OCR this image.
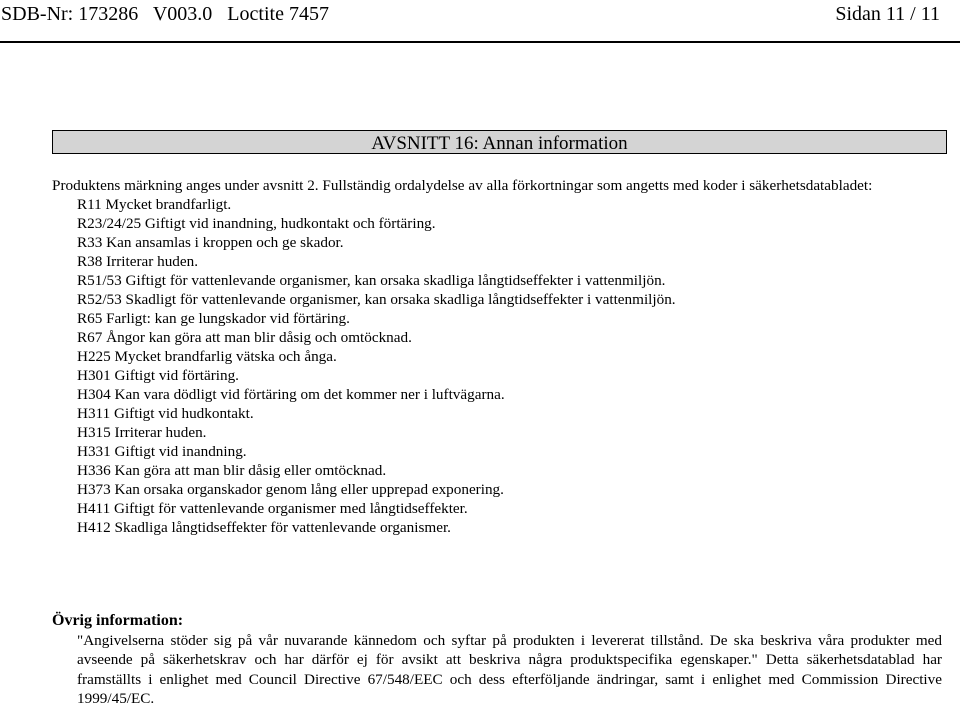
SDB-Nr: 173286   V003.0   Loctite 7457	Sidan 11 / 11
AVSNITT 16: Annan information

Produktens märkning anges under avsnitt 2. Fullständig ordalydelse av alla förkortningar som angetts med koder i säkerhetsdatabladet:

R11 Mycket brandfarligt.
R23/24/25 Giftigt vid inandning, hudkontakt och förtäring.
R33 Kan ansamlas i kroppen och ge skador.
R38 Irriterar huden.
R51/53 Giftigt för vattenlevande organismer, kan orsaka skadliga långtidseffekter i vattenmiljön.
R52/53 Skadligt för vattenlevande organismer, kan orsaka skadliga långtidseffekter i vattenmiljön.
R65 Farligt: kan ge lungskador vid förtäring.
R67 Ångor kan göra att man blir dåsig och omtöcknad.
H225 Mycket brandfarlig vätska och ånga.
H301 Giftigt vid förtäring.
H304 Kan vara dödligt vid förtäring om det kommer ner i luftvägarna.
H311 Giftigt vid hudkontakt.
H315 Irriterar huden.
H331 Giftigt vid inandning.
H336 Kan göra att man blir dåsig eller omtöcknad.
H373 Kan orsaka organskador genom lång eller upprepad exponering.
H411 Giftigt för vattenlevande organismer med långtidseffekter.
H412 Skadliga långtidseffekter för vattenlevande organismer.

Övrig information:

"Angivelserna stöder sig på vår nuvarande kännedom och syftar på produkten i levererat tillstånd. De ska beskriva våra produkter med avseende på säkerhetskrav och har därför ej för avsikt att beskriva några produktspecifika egenskaper." Detta säkerhetsdatablad har framställts i enlighet med Council Directive 67/548/EEC och dess efterföljande ändringar, samt i enlighet med Commission Directive 1999/45/EC.
